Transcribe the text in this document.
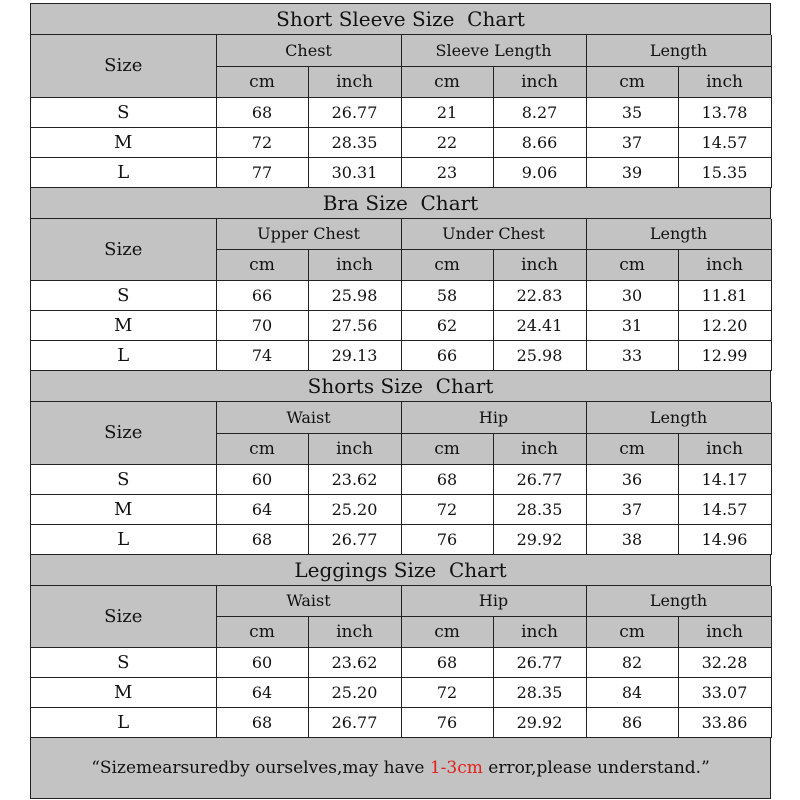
Short Sleeve Size  Chart
Size	Chest		Sleeve Length		Length	
	cm	inch	cm	inch	cm	inch
S	68	26.77	21	8.27	35	13.78
M	72	28.35	22	8.66	37	14.57
L	77	30.31	23	9.06	39	15.35
Bra Size  Chart
Size	Upper Chest		Under Chest		Length	
	cm	inch	cm	inch	cm	inch
S	66	25.98	58	22.83	30	11.81
M	70	27.56	62	24.41	31	12.20
L	74	29.13	66	25.98	33	12.99
Shorts Size  Chart
Size	Waist		Hip		Length	
	cm	inch	cm	inch	cm	inch
S	60	23.62	68	26.77	36	14.17
M	64	25.20	72	28.35	37	14.57
L	68	26.77	76	29.92	38	14.96
Leggings Size  Chart
Size	Waist		Hip		Length	
	cm	inch	cm	inch	cm	inch
S	60	23.62	68	26.77	82	32.28
M	64	25.20	72	28.35	84	33.07
L	68	26.77	76	29.92	86	33.86
“Sizemearsuredby ourselves,may have 1-3cm error,please understand.”
